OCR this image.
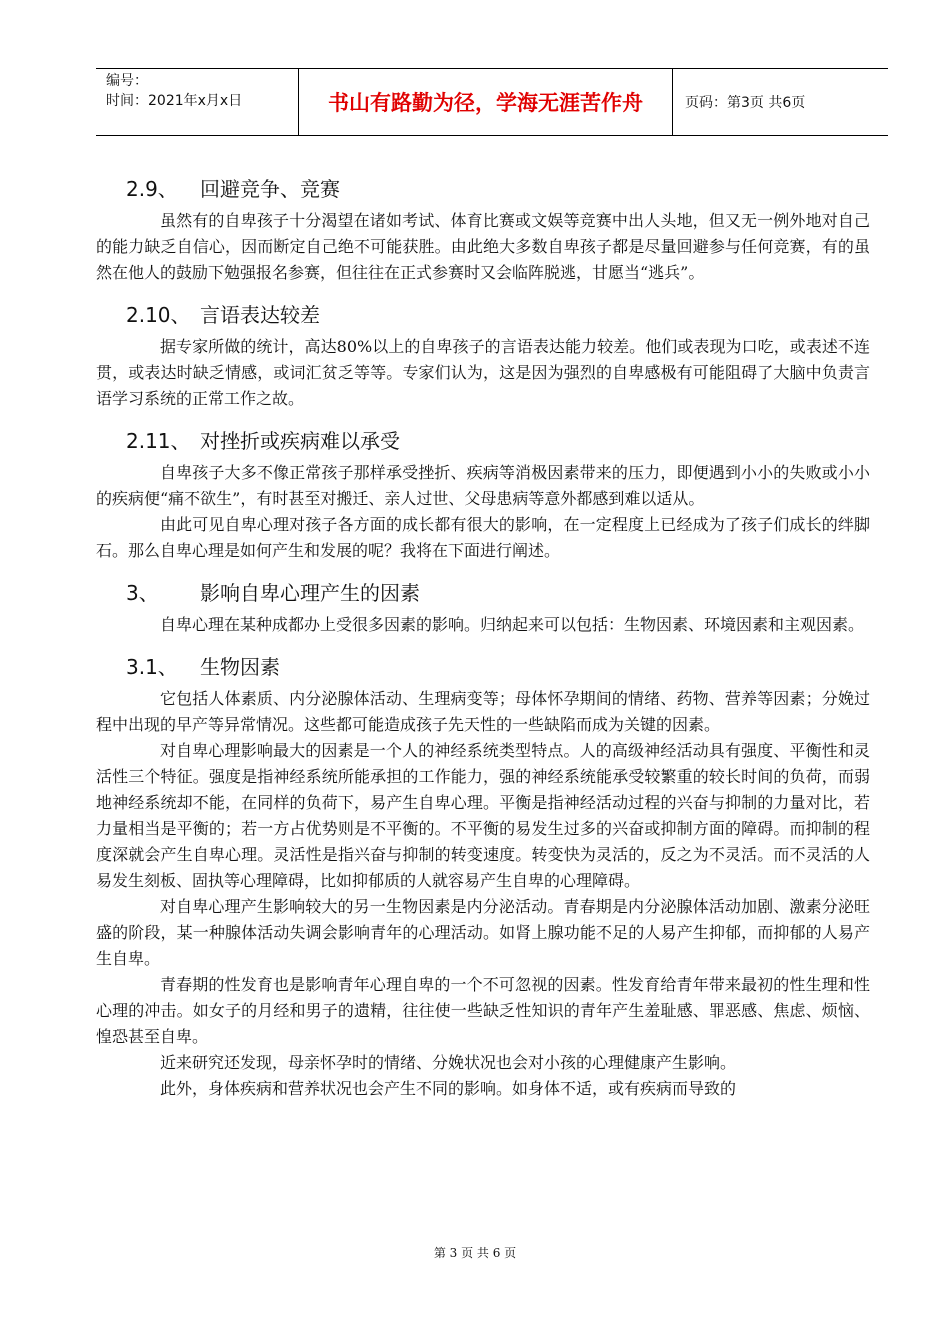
编号：
时间：2021年x月x日	书山有路勤为径，学海无涯苦作舟	页码：第3页 共6页
2.9、 回避竞争、竞赛

虽然有的自卑孩子十分渴望在诸如考试、体育比赛或文娱等竞赛中出人头地，但又无一例外地对自己的能力缺乏自信心，因而断定自己绝不可能获胜。由此绝大多数自卑孩子都是尽量回避参与任何竞赛，有的虽然在他人的鼓励下勉强报名参赛，但往往在正式参赛时又会临阵脱逃，甘愿当“逃兵”。

2.10、 言语表达较差

据专家所做的统计，高达80%以上的自卑孩子的言语表达能力较差。他们或表现为口吃，或表述不连贯，或表达时缺乏情感，或词汇贫乏等等。专家们认为，这是因为强烈的自卑感极有可能阻碍了大脑中负责言语学习系统的正常工作之故。

2.11、 对挫折或疾病难以承受

自卑孩子大多不像正常孩子那样承受挫折、疾病等消极因素带来的压力，即便遇到小小的失败或小小的疾病便“痛不欲生”，有时甚至对搬迁、亲人过世、父母患病等意外都感到难以适从。

由此可见自卑心理对孩子各方面的成长都有很大的影响，在一定程度上已经成为了孩子们成长的绊脚石。那么自卑心理是如何产生和发展的呢？我将在下面进行阐述。

3、 影响自卑心理产生的因素

自卑心理在某种成都办上受很多因素的影响。归纳起来可以包括：生物因素、环境因素和主观因素。

3.1、 生物因素

它包括人体素质、内分泌腺体活动、生理病变等；母体怀孕期间的情绪、药物、营养等因素；分娩过程中出现的早产等异常情况。这些都可能造成孩子先天性的一些缺陷而成为关键的因素。

对自卑心理影响最大的因素是一个人的神经系统类型特点。人的高级神经活动具有强度、平衡性和灵活性三个特征。强度是指神经系统所能承担的工作能力，强的神经系统能承受较繁重的较长时间的负荷，而弱地神经系统却不能，在同样的负荷下，易产生自卑心理。平衡是指神经活动过程的兴奋与抑制的力量对比，若力量相当是平衡的；若一方占优势则是不平衡的。不平衡的易发生过多的兴奋或抑制方面的障碍。而抑制的程度深就会产生自卑心理。灵活性是指兴奋与抑制的转变速度。转变快为灵活的，反之为不灵活。而不灵活的人易发生刻板、固执等心理障碍，比如抑郁质的人就容易产生自卑的心理障碍。

对自卑心理产生影响较大的另一生物因素是内分泌活动。青春期是内分泌腺体活动加剧、激素分泌旺盛的阶段，某一种腺体活动失调会影响青年的心理活动。如肾上腺功能不足的人易产生抑郁，而抑郁的人易产生自卑。

青春期的性发育也是影响青年心理自卑的一个不可忽视的因素。性发育给青年带来最初的性生理和性心理的冲击。如女子的月经和男子的遗精，往往使一些缺乏性知识的青年产生羞耻感、罪恶感、焦虑、烦恼、惶恐甚至自卑。

近来研究还发现，母亲怀孕时的情绪、分娩状况也会对小孩的心理健康产生影响。

此外，身体疾病和营养状况也会产生不同的影响。如身体不适，或有疾病而导致的

第 3 页 共 6 页
